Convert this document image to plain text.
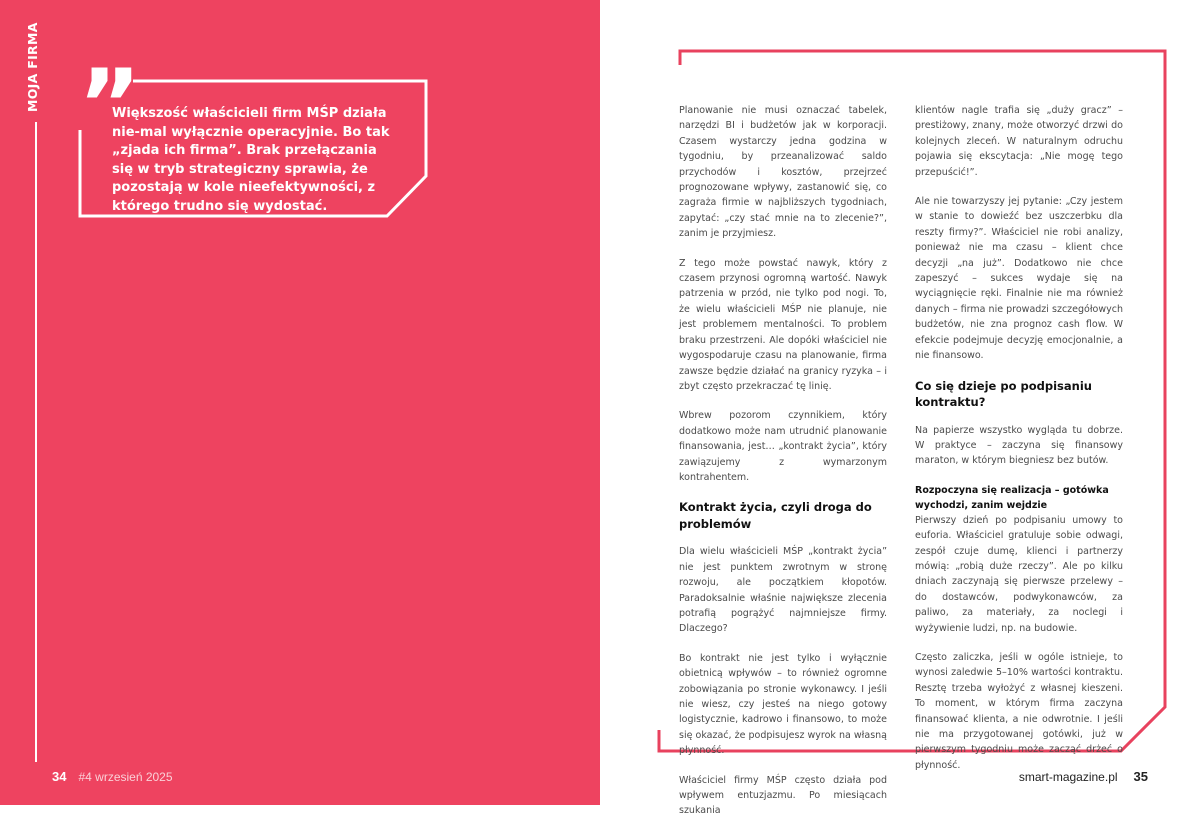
MOJA FIRMA ”
Większość właścicieli firm MŚP działa nie-mal wyłącznie operacyjnie. Bo tak „zjada ich firma”. Brak przełączania się w tryb strategiczny sprawia, że pozostają w kole nieefektywności, z którego trudno się wydostać.
34 #4 wrzesień 2025

Planowanie nie musi oznaczać tabelek, narzędzi BI i budżetów jak w korporacji. Czasem wystarczy jedna godzina w tygodniu, by przeanalizować saldo przychodów i kosztów, przejrzeć prognozowane wpływy, zastanowić się, co zagraża firmie w najbliższych tygodniach, zapytać: „czy stać mnie na to zlecenie?”, zanim je przyjmiesz.

Z tego może powstać nawyk, który z czasem przynosi ogromną wartość. Nawyk patrzenia w przód, nie tylko pod nogi. To, że wielu właścicieli MŚP nie planuje, nie jest problemem mentalności. To problem braku przestrzeni. Ale dopóki właściciel nie wygospodaruje czasu na planowanie, firma zawsze będzie działać na granicy ryzyka – i zbyt często przekraczać tę linię.

Wbrew pozorom czynnikiem, który dodatkowo może nam utrudnić planowanie finansowania, jest… „kontrakt życia”, który zawiązujemy z wymarzonym kontrahentem.

Kontrakt życia, czyli droga do problemów

Dla wielu właścicieli MŚP „kontrakt życia” nie jest punktem zwrotnym w stronę rozwoju, ale początkiem kłopotów. Paradoksalnie właśnie największe zlecenia potrafią pogrążyć najmniejsze firmy. Dlaczego?

Bo kontrakt nie jest tylko i wyłącznie obietnicą wpływów – to również ogromne zobowiązania po stronie wykonawcy. I jeśli nie wiesz, czy jesteś na niego gotowy logistycznie, kadrowo i finansowo, to może się okazać, że podpisujesz wyrok na własną płynność.

Właściciel firmy MŚP często działa pod wpływem entuzjazmu. Po miesiącach szukania

klientów nagle trafia się „duży gracz” – prestiżowy, znany, może otworzyć drzwi do kolejnych zleceń. W naturalnym odruchu pojawia się ekscytacja: „Nie mogę tego przepuścić!”.

Ale nie towarzyszy jej pytanie: „Czy jestem w stanie to dowieźć bez uszczerbku dla reszty firmy?”. Właściciel nie robi analizy, ponieważ nie ma czasu – klient chce decyzji „na już”. Dodatkowo nie chce zapeszyć – sukces wydaje się na wyciągnięcie ręki. Finalnie nie ma również danych – firma nie prowadzi szczegółowych budżetów, nie zna prognoz cash flow. W efekcie podejmuje decyzję emocjonalnie, a nie finansowo.

Co się dzieje po podpisaniu kontraktu?

Na papierze wszystko wygląda tu dobrze. W praktyce – zaczyna się finansowy maraton, w którym biegniesz bez butów.

Rozpoczyna się realizacja – gotówka wychodzi, zanim wejdzie

Pierwszy dzień po podpisaniu umowy to euforia. Właściciel gratuluje sobie odwagi, zespół czuje dumę, klienci i partnerzy mówią: „robią duże rzeczy”. Ale po kilku dniach zaczynają się pierwsze przelewy – do dostawców, podwykonawców, za paliwo, za materiały, za noclegi i wyżywienie ludzi, np. na budowie.

Często zaliczka, jeśli w ogóle istnieje, to wynosi zaledwie 5–10% wartości kontraktu. Resztę trzeba wyłożyć z własnej kieszeni. To moment, w którym firma zaczyna finansować klienta, a nie odwrotnie. I jeśli nie ma przygotowanej gotówki, już w pierwszym tygodniu może zacząć drżeć o płynność.

smart-magazine.pl 35
